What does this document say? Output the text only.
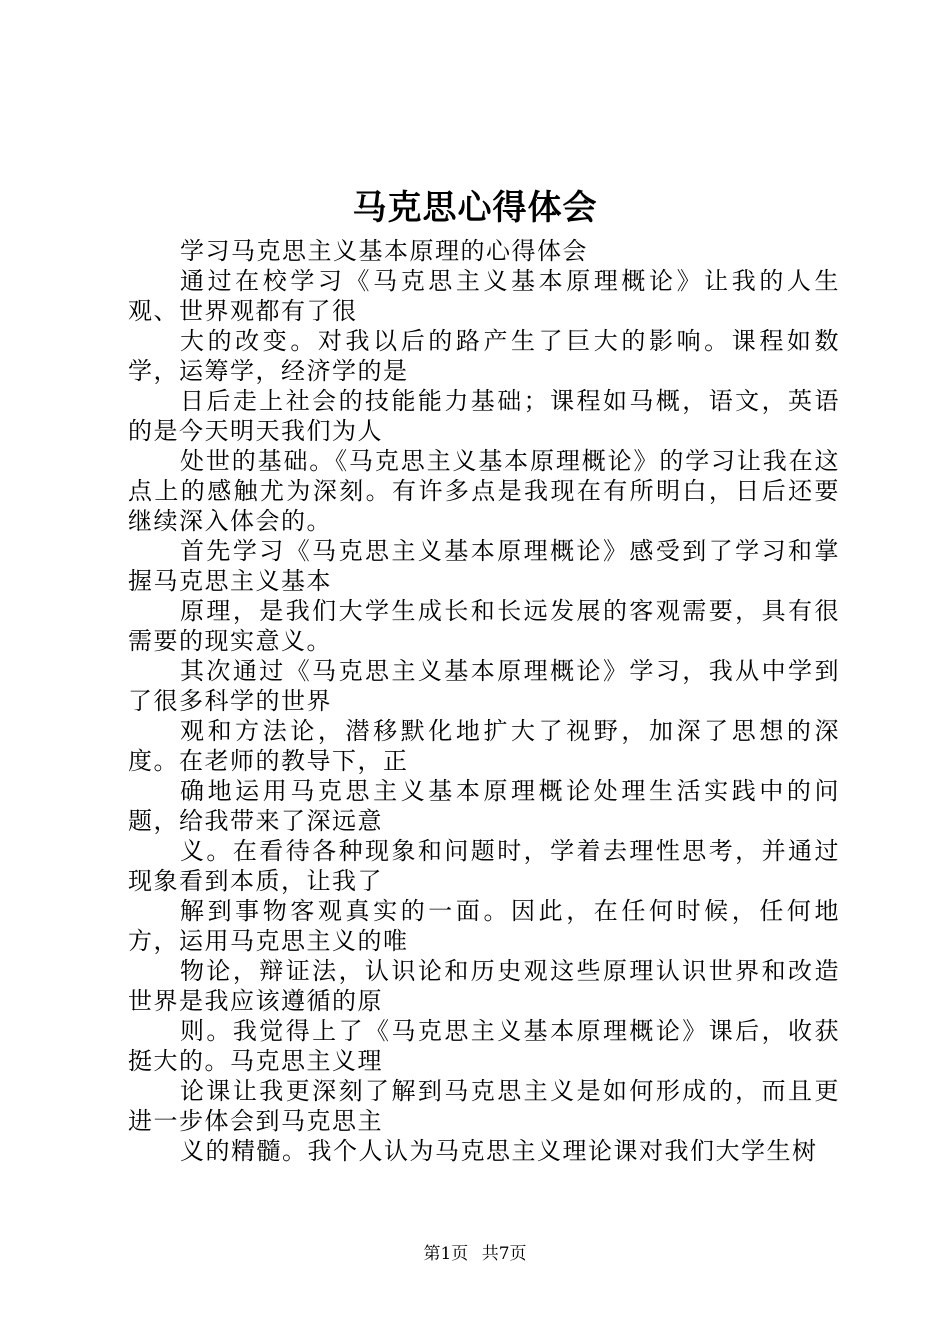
马克思心得体会

学习马克思主义基本原理的心得体会

通过在校学习《马克思主义基本原理概论》让我的人生观、世界观都有了很

大的改变。对我以后的路产生了巨大的影响。课程如数学，运筹学，经济学的是

日后走上社会的技能能力基础；课程如马概，语文，英语的是今天明天我们为人

处世的基础。《马克思主义基本原理概论》的学习让我在这点上的感触尤为深刻。有许多点是我现在有所明白，日后还要继续深入体会的。

首先学习《马克思主义基本原理概论》感受到了学习和掌握马克思主义基本

原理，是我们大学生成长和长远发展的客观需要，具有很需要的现实意义。

其次通过《马克思主义基本原理概论》学习，我从中学到了很多科学的世界

观和方法论，潜移默化地扩大了视野，加深了思想的深度。在老师的教导下，正

确地运用马克思主义基本原理概论处理生活实践中的问题，给我带来了深远意

义。在看待各种现象和问题时，学着去理性思考，并通过现象看到本质，让我了

解到事物客观真实的一面。因此，在任何时候，任何地方，运用马克思主义的唯

物论，辩证法，认识论和历史观这些原理认识世界和改造世界是我应该遵循的原

则。我觉得上了《马克思主义基本原理概论》课后，收获挺大的。马克思主义理

论课让我更深刻了解到马克思主义是如何形成的，而且更进一步体会到马克思主

义的精髓。我个人认为马克思主义理论课对我们大学生树

第1页 共7页
